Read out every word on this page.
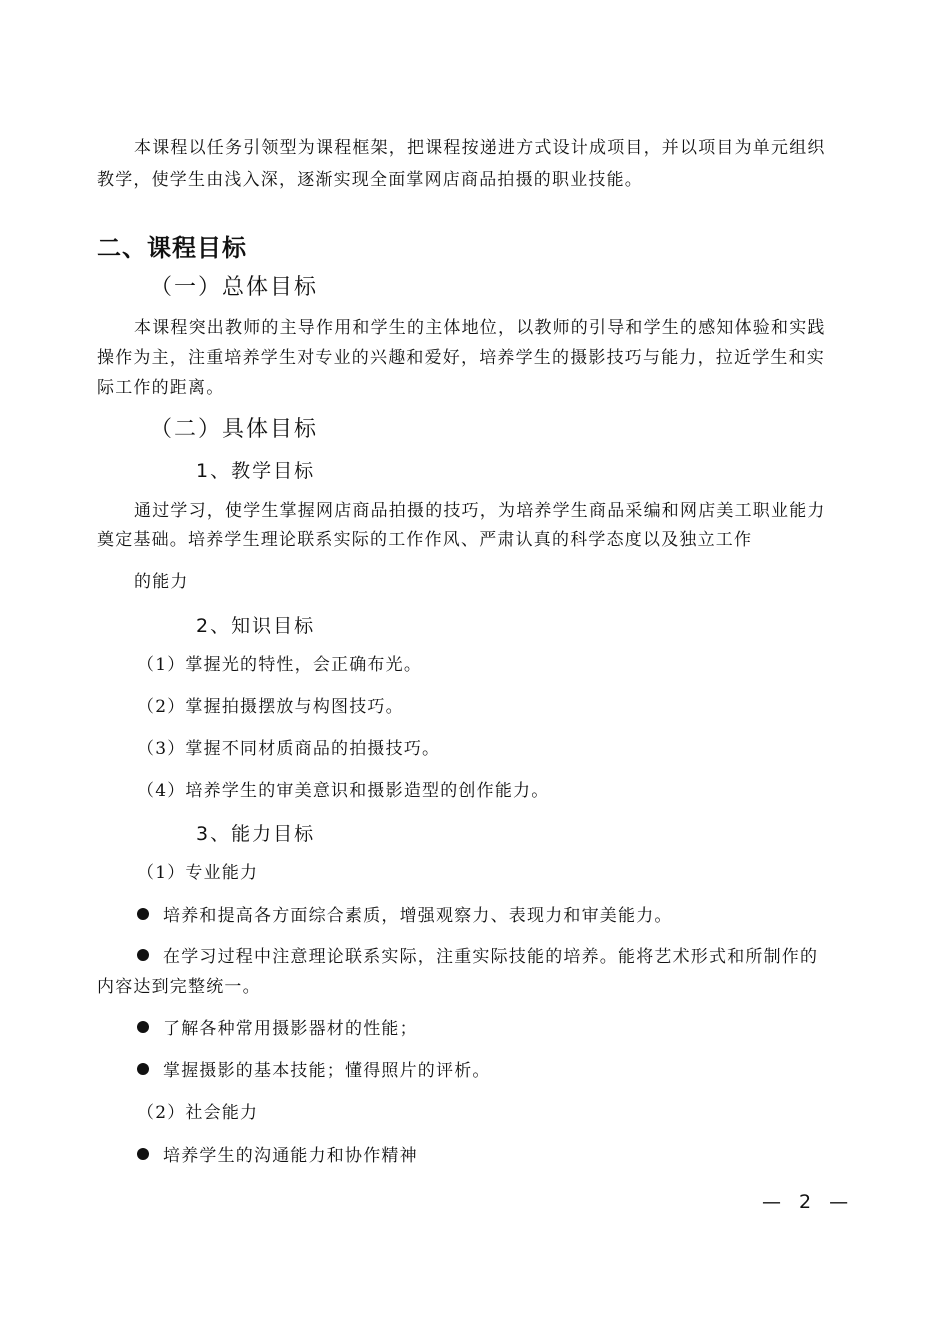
本课程以任务引领型为课程框架，把课程按递进方式设计成项目，并以项目为单元组织
教学，使学生由浅入深，逐渐实现全面掌网店商品拍摄的职业技能。
二、课程目标
（一）总体目标
本课程突出教师的主导作用和学生的主体地位，以教师的引导和学生的感知体验和实践
操作为主，注重培养学生对专业的兴趣和爱好，培养学生的摄影技巧与能力，拉近学生和实
际工作的距离。
（二）具体目标
1、教学目标
通过学习，使学生掌握网店商品拍摄的技巧，为培养学生商品采编和网店美工职业能力
奠定基础。培养学生理论联系实际的工作作风、严肃认真的科学态度以及独立工作
的能力
2、知识目标
（1）掌握光的特性，会正确布光。
（2）掌握拍摄摆放与构图技巧。
（3）掌握不同材质商品的拍摄技巧。
（4）培养学生的审美意识和摄影造型的创作能力。
3、能力目标
（1）专业能力
培养和提高各方面综合素质，增强观察力、表现力和审美能力。
在学习过程中注意理论联系实际，注重实际技能的培养。能将艺术形式和所制作的
内容达到完整统一。
了解各种常用摄影器材的性能；
掌握摄影的基本技能；懂得照片的评析。
（2）社会能力
培养学生的沟通能力和协作精神
— 2 —
